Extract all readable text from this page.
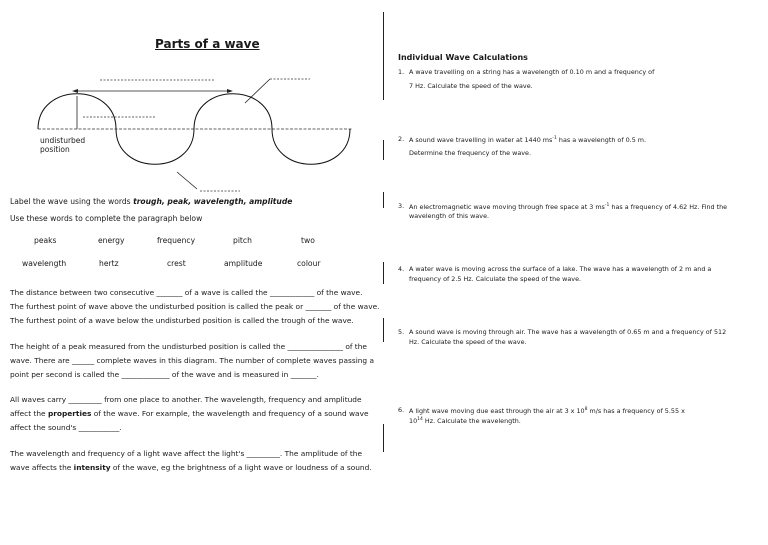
Parts of a wave
undisturbed
position
Label the wave using the words trough, peak, wavelength, amplitude
Use these words to complete the paragraph below
peaks	energy	frequency	pitch	two
wavelength	hertz	crest	amplitude	colour
The distance between two consecutive _______ of a wave is called the ____________ of the wave.
The furthest point of wave above the undisturbed position is called the peak or _______ of the wave.
The furthest point of a wave below the undisturbed position is called the trough of the wave.
The height of a peak measured from the undisturbed position is called the _______________ of the
wave. There are ______ complete waves in this diagram. The number of complete waves passing a
point per second is called the _____________ of the wave and is measured in _______.
All waves carry _________ from one place to another. The wavelength, frequency and amplitude
affect the properties of the wave. For example, the wavelength and frequency of a sound wave
affect the sound's ___________.
The wavelength and frequency of a light wave affect the light's _________. The amplitude of the
wave affects the intensity of the wave, eg the brightness of a light wave or loudness of a sound.
Individual Wave Calculations
1. A wave travelling on a string has a wavelength of 0.10 m and a frequency of
7 Hz. Calculate the speed of the wave.
2. A sound wave travelling in water at 1440 $ms^{-1}$ has a wavelength of 0.5 m.
Determine the frequency of the wave.
3. An electromagnetic wave moving through free space at 3 $ms^{-1}$ has a frequency of 4.62 Hz. Find the
wavelength of this wave.
4. A water wave is moving across the surface of a lake. The wave has a wavelength of 2 m and a
frequency of 2.5 Hz. Calculate the speed of the wave.
5. A sound wave is moving through air. The wave has a wavelength of 0.65 m and a frequency of 512
Hz. Calculate the speed of the wave.
6. A light wave moving due east through the air at 3 x $10^8$ m/s has a frequency of 5.55 x
$10^{14}$ Hz. Calculate the wavelength.
